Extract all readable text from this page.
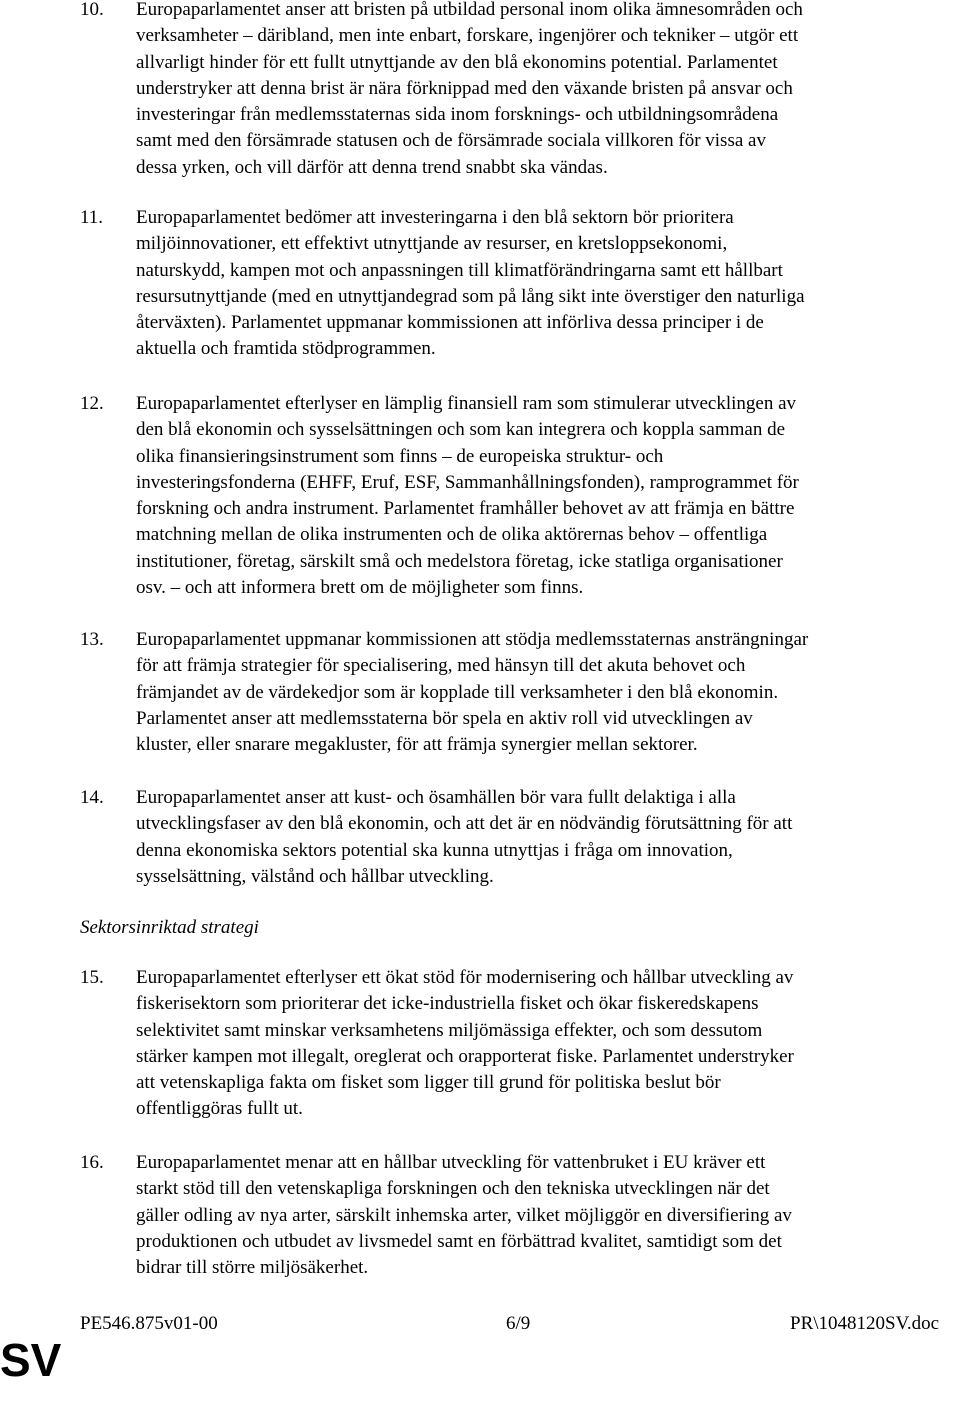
10.	Europaparlamentet anser att bristen på utbildad personal inom olika ämnesområden och
verksamheter – däribland, men inte enbart, forskare, ingenjörer och tekniker – utgör ett
allvarligt hinder för ett fullt utnyttjande av den blå ekonomins potential. Parlamentet
understryker att denna brist är nära förknippad med den växande bristen på ansvar och
investeringar från medlemsstaternas sida inom forsknings- och utbildningsområdena
samt med den försämrade statusen och de försämrade sociala villkoren för vissa av
dessa yrken, och vill därför att denna trend snabbt ska vändas.
11.	Europaparlamentet bedömer att investeringarna i den blå sektorn bör prioritera
miljöinnovationer, ett effektivt utnyttjande av resurser, en kretsloppsekonomi,
naturskydd, kampen mot och anpassningen till klimatförändringarna samt ett hållbart
resursutnyttjande (med en utnyttjandegrad som på lång sikt inte överstiger den naturliga
återväxten). Parlamentet uppmanar kommissionen att införliva dessa principer i de
aktuella och framtida stödprogrammen.
12.	Europaparlamentet efterlyser en lämplig finansiell ram som stimulerar utvecklingen av
den blå ekonomin och sysselsättningen och som kan integrera och koppla samman de
olika finansieringsinstrument som finns – de europeiska struktur- och
investeringsfonderna (EHFF, Eruf, ESF, Sammanhållningsfonden), ramprogrammet för
forskning och andra instrument. Parlamentet framhåller behovet av att främja en bättre
matchning mellan de olika instrumenten och de olika aktörernas behov – offentliga
institutioner, företag, särskilt små och medelstora företag, icke statliga organisationer
osv. – och att informera brett om de möjligheter som finns.
13.	Europaparlamentet uppmanar kommissionen att stödja medlemsstaternas ansträngningar
för att främja strategier för specialisering, med hänsyn till det akuta behovet och
främjandet av de värdekedjor som är kopplade till verksamheter i den blå ekonomin.
Parlamentet anser att medlemsstaterna bör spela en aktiv roll vid utvecklingen av
kluster, eller snarare megakluster, för att främja synergier mellan sektorer.
14.	Europaparlamentet anser att kust- och ösamhällen bör vara fullt delaktiga i alla
utvecklingsfaser av den blå ekonomin, och att det är en nödvändig förutsättning för att
denna ekonomiska sektors potential ska kunna utnyttjas i fråga om innovation,
sysselsättning, välstånd och hållbar utveckling.
Sektorsinriktad strategi
15.	Europaparlamentet efterlyser ett ökat stöd för modernisering och hållbar utveckling av
fiskerisektorn som prioriterar det icke-industriella fisket och ökar fiskeredskapens
selektivitet samt minskar verksamhetens miljömässiga effekter, och som dessutom
stärker kampen mot illegalt, oreglerat och orapporterat fiske. Parlamentet understryker
att vetenskapliga fakta om fisket som ligger till grund för politiska beslut bör
offentliggöras fullt ut.
16.	Europaparlamentet menar att en hållbar utveckling för vattenbruket i EU kräver ett
starkt stöd till den vetenskapliga forskningen och den tekniska utvecklingen när det
gäller odling av nya arter, särskilt inhemska arter, vilket möjliggör en diversifiering av
produktionen och utbudet av livsmedel samt en förbättrad kvalitet, samtidigt som det
bidrar till större miljösäkerhet.
PE546.875v01-00	6/9	PR\1048120SV.doc
SV
